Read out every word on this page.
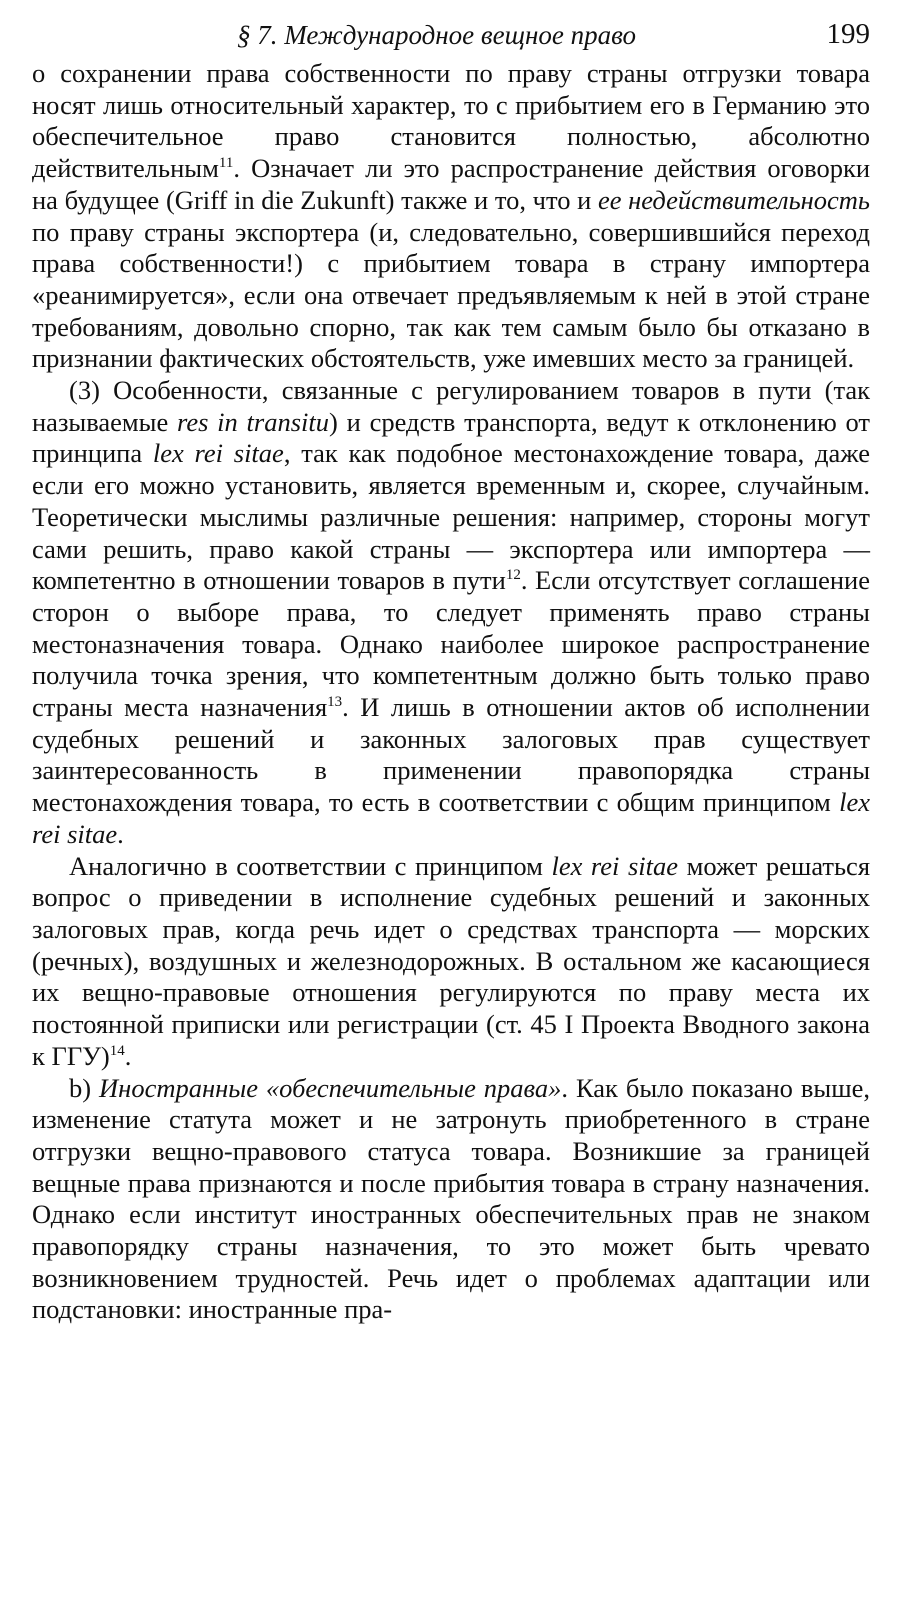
§ 7. Международное вещное право	199

о сохранении права собственности по праву страны отгрузки товара носят лишь относительный характер, то с прибытием его в Германию это обеспечительное право становится полностью, абсолютно действительным$^{11}$. Означает ли это распространение действия оговорки на будущее (Griff in die Zukunft) также и то, что и ее недействительность по праву страны экспортера (и, следовательно, совершившийся переход права собственности!) с прибытием товара в страну импортера «реанимируется», если она отвечает предъявляемым к ней в этой стране требованиям, довольно спорно, так как тем самым было бы отказано в признании фактических обстоятельств, уже имевших место за границей.

(3) Особенности, связанные с регулированием товаров в пути (так называемые res in transitu) и средств транспорта, ведут к отклонению от принципа lex rei sitae, так как подобное местонахождение товара, даже если его можно установить, является временным и, скорее, случайным. Теоретически мыслимы различные решения: например, стороны могут сами решить, право какой страны — экспортера или импортера — компетентно в отношении товаров в пути$^{12}$. Если отсутствует соглашение сторон о выборе права, то следует применять право страны местоназначения товара. Однако наиболее широкое распространение получила точка зрения, что компетентным должно быть только право страны места назначения$^{13}$. И лишь в отношении актов об исполнении судебных решений и законных залоговых прав существует заинтересованность в применении правопорядка страны местонахождения товара, то есть в соответствии с общим принципом lex rei sitae.

Аналогично в соответствии с принципом lex rei sitae может решаться вопрос о приведении в исполнение судебных решений и законных залоговых прав, когда речь идет о средствах транспорта — морских (речных), воздушных и железнодорожных. В остальном же касающиеся их вещно-правовые отношения регулируются по праву места их постоянной приписки или регистрации (ст. 45 I Проекта Вводного закона к ГГУ)$^{14}$.

b) Иностранные «обеспечительные права». Как было показано выше, изменение статута может и не затронуть приобретенного в стране отгрузки вещно-правового статуса товара. Возникшие за границей вещные права признаются и после прибытия товара в страну назначения. Однако если институт иностранных обеспечительных прав не знаком правопорядку страны назначения, то это может быть чревато возникновением трудностей. Речь идет о проблемах адаптации или подстановки: иностранные пра-
